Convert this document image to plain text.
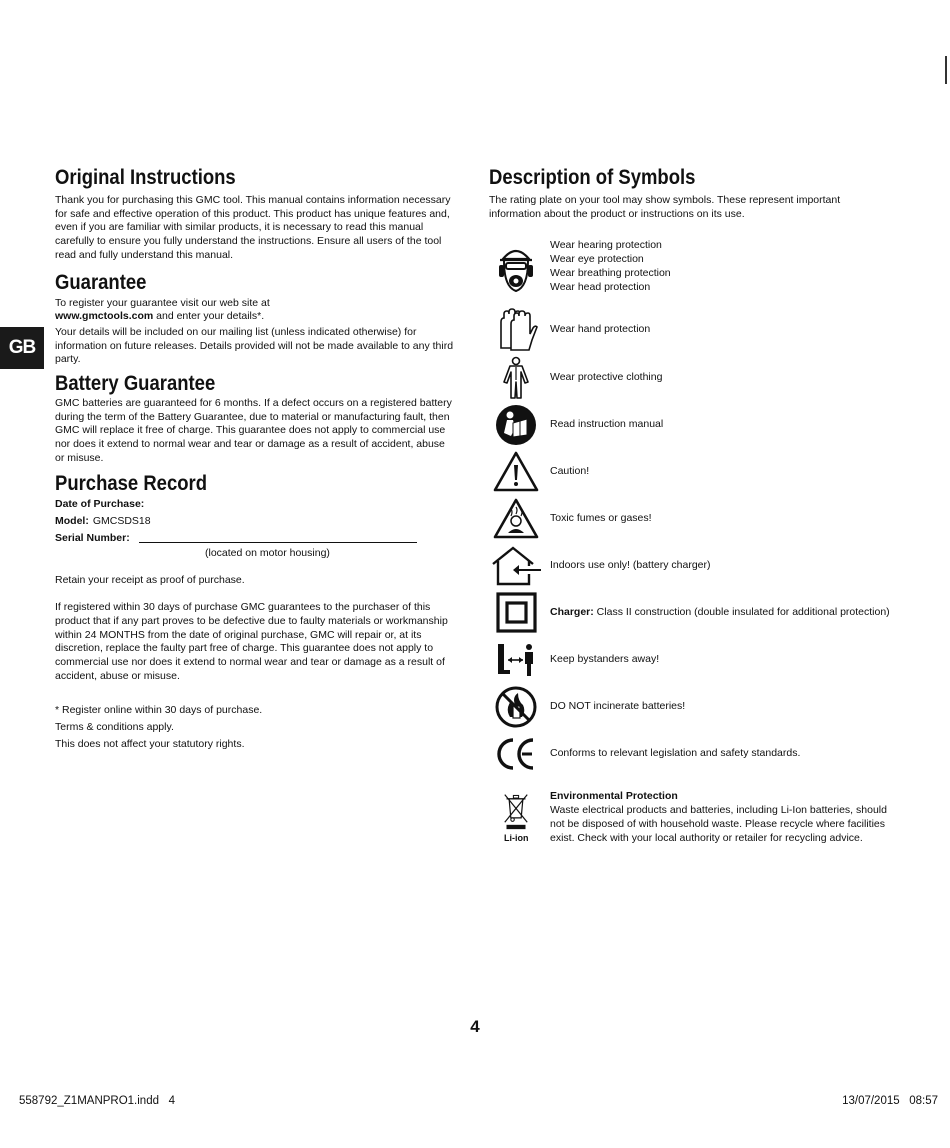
GB
Original Instructions

Thank you for purchasing this GMC tool. This manual contains information necessary for safe and effective operation of this product. This product has unique features and, even if you are familiar with similar products, it is necessary to read this manual carefully to ensure you fully understand the instructions. Ensure all users of the tool read and fully understand this manual.

Guarantee

To register your guarantee visit our web site at

www.gmctools.com and enter your details*.

Your details will be included on our mailing list (unless indicated otherwise) for information on future releases. Details provided will not be made available to any third party.

Battery Guarantee

GMC batteries are guaranteed for 6 months. If a defect occurs on a registered battery during the term of the Battery Guarantee, due to material or manufacturing fault, then GMC will replace it free of charge. This guarantee does not apply to commercial use nor does it extend to normal wear and tear or damage as a result of accident, abuse or misuse.

Purchase Record
Date of Purchase:
Model: GMCSDS18
Serial Number:
(located on motor housing)

Retain your receipt as proof of purchase.

If registered within 30 days of purchase GMC guarantees to the purchaser of this product that if any part proves to be defective due to faulty materials or workmanship within 24 MONTHS from the date of original purchase, GMC will repair or, at its discretion, replace the faulty part free of charge. This guarantee does not apply to commercial use nor does it extend to normal wear and tear or damage as a result of accident, abuse or misuse.

* Register online within 30 days of purchase.

Terms & conditions apply.

This does not affect your statutory rights.

Description of Symbols

The rating plate on your tool may show symbols. These represent important information about the product or instructions on its use.

Wear hearing protection
Wear eye protection
Wear breathing protection
Wear head protection
Wear hand protection
Wear protective clothing
Read instruction manual
Caution!
Toxic fumes or gases!
Indoors use only! (battery charger)
Charger: Class II construction (double insulated for additional protection)
Keep bystanders away!
DO NOT incinerate batteries!
Conforms to relevant legislation and safety standards.
Li-ion
Environmental Protection
Waste electrical products and batteries, including Li-Ion batteries, should not be disposed of with household waste. Please recycle where facilities exist. Check with your local authority or retailer for recycling advice.
4
558792_Z1MANPRO1.indd   4	13/07/2015   08:57
